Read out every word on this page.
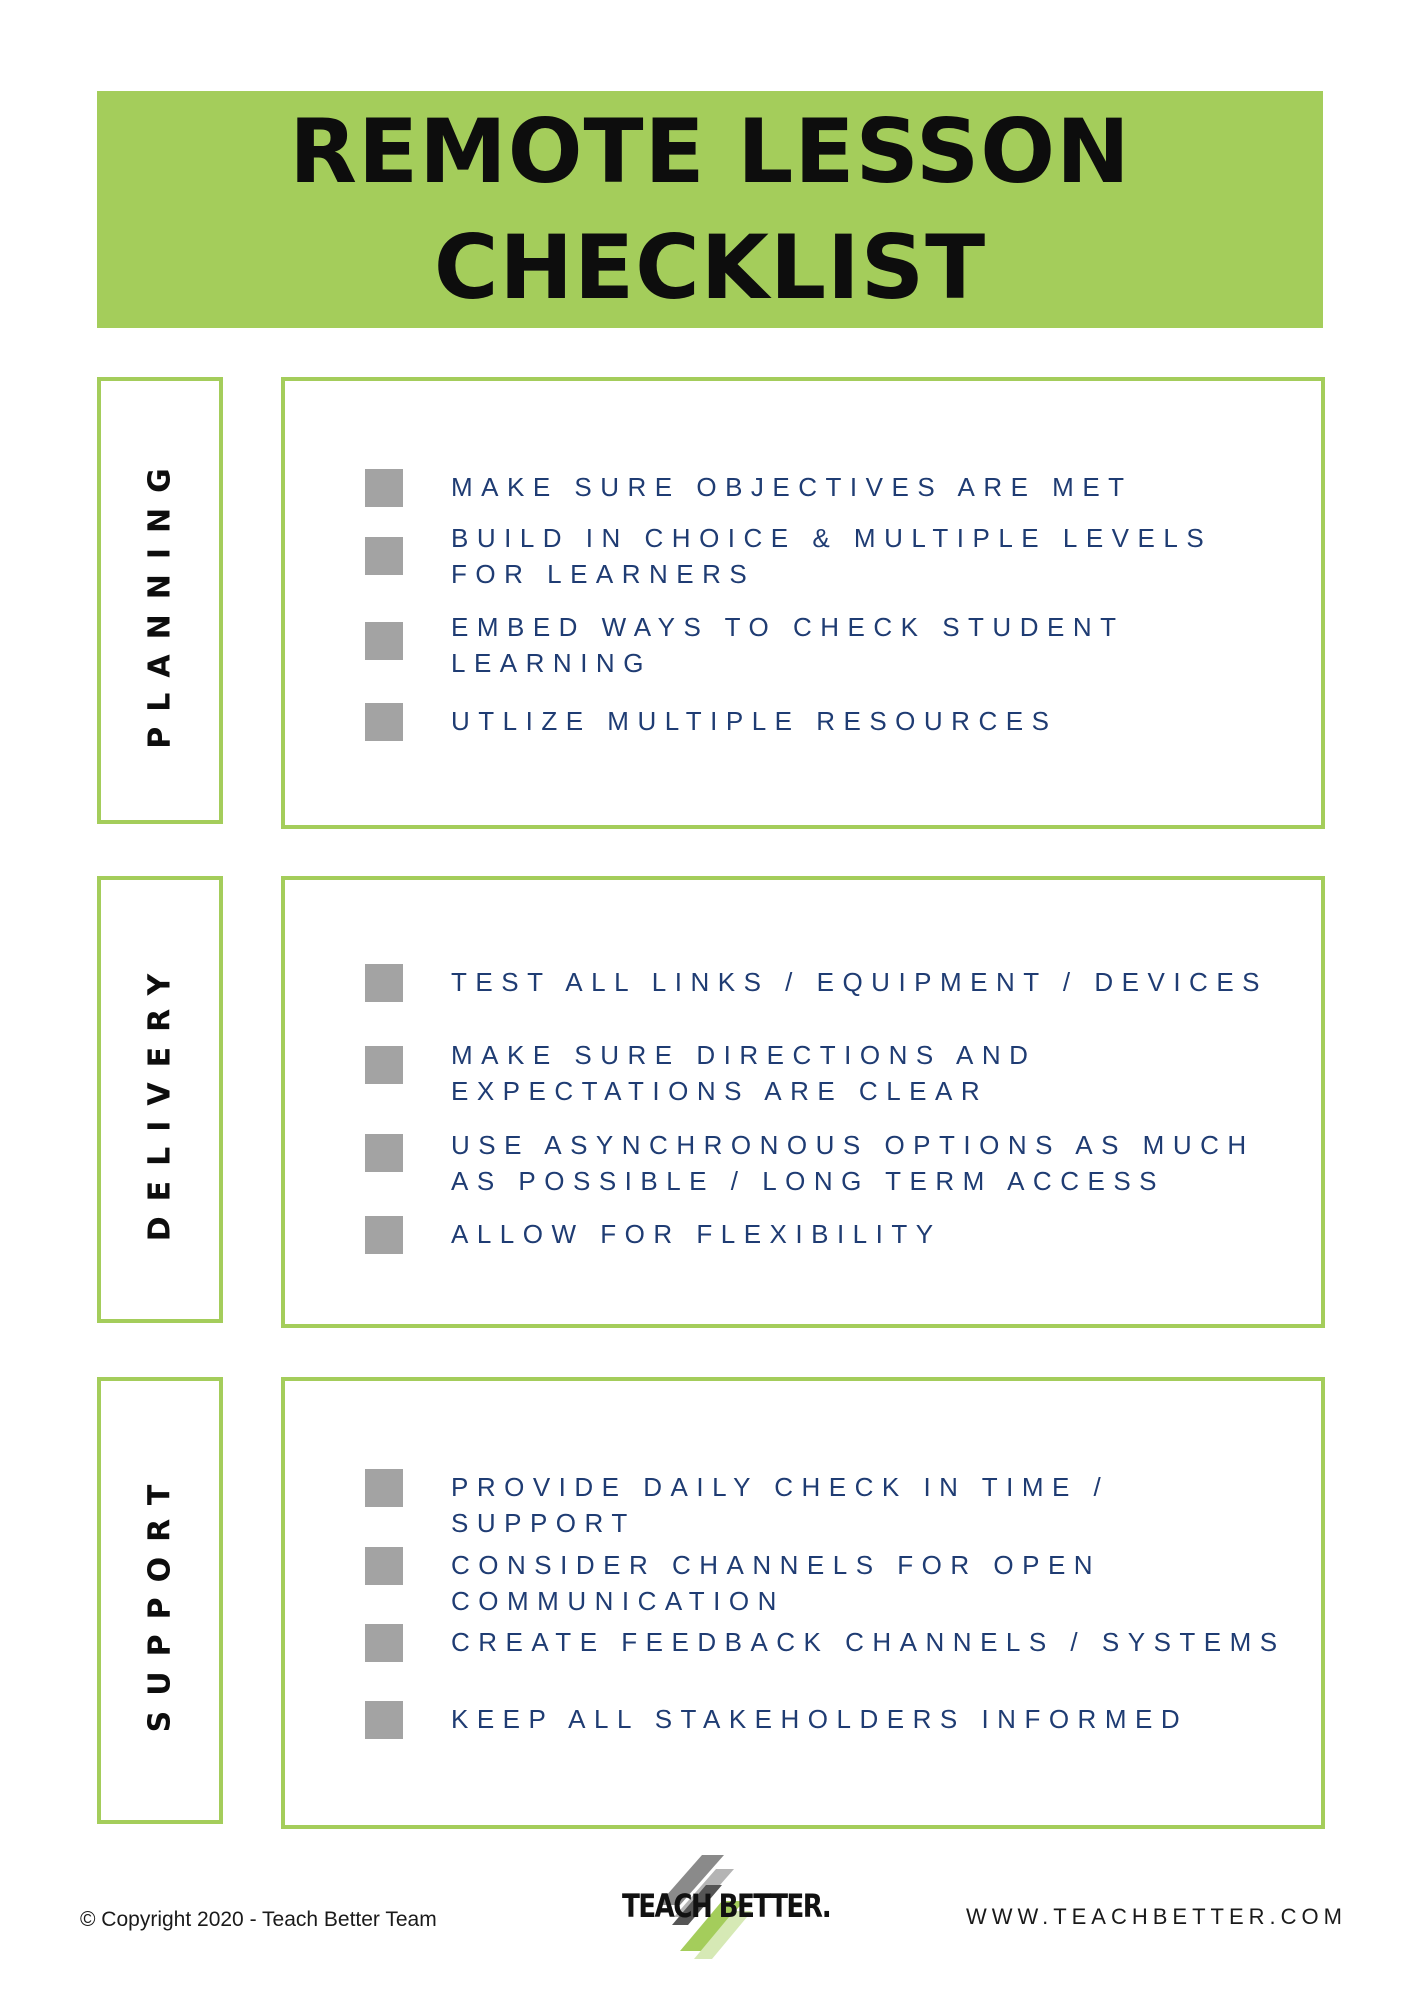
REMOTE LESSON
CHECKLIST
PLANNING	MAKE SURE OBJECTIVES ARE MET
BUILD IN CHOICE & MULTIPLE LEVELS FOR LEARNERS
EMBED WAYS TO CHECK STUDENT LEARNING
UTLIZE MULTIPLE RESOURCES
DELIVERY	TEST ALL LINKS / EQUIPMENT / DEVICES
MAKE SURE DIRECTIONS AND EXPECTATIONS ARE CLEAR
USE ASYNCHRONOUS OPTIONS AS MUCH AS POSSIBLE / LONG TERM ACCESS
ALLOW FOR FLEXIBILITY
SUPPORT	PROVIDE DAILY CHECK IN TIME / SUPPORT
CONSIDER CHANNELS FOR OPEN COMMUNICATION
CREATE FEEDBACK CHANNELS / SYSTEMS
KEEP ALL STAKEHOLDERS INFORMED
© Copyright 2020 - Teach Better Team	TEACH BETTER.	WWW.TEACHBETTER.COM
